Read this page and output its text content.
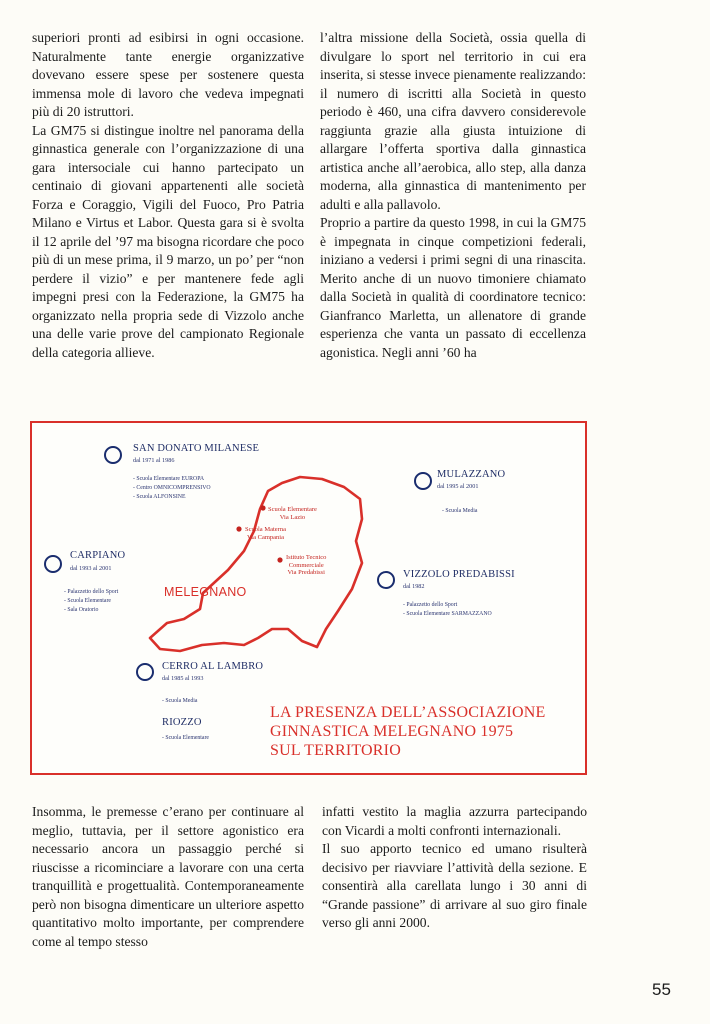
superiori pronti ad esibirsi in ogni occasione. Naturalmente tante energie organizzative dovevano essere spese per sostenere questa immensa mole di lavoro che vedeva impegnati più di 20 istruttori.

La GM75 si distingue inoltre nel panorama della ginnastica generale con l’organizzazione di una gara intersociale cui hanno partecipato un centinaio di giovani appartenenti alle società Forza e Coraggio, Vigili del Fuoco, Pro Patria Milano e Virtus et Labor. Questa gara si è svolta il 12 aprile del ’97 ma bisogna ricordare che poco più di un mese prima, il 9 marzo, un po’ per “non perdere il vizio” e per mantenere fede agli impegni presi con la Federazione, la GM75 ha organizzato nella propria sede di Vizzolo anche una delle varie prove del campionato Regionale della categoria allieve.

l’altra missione della Società, ossia quella di divulgare lo sport nel territorio in cui era inserita, si stesse invece pienamente realizzando: il numero di iscritti alla Società in questo periodo è 460, una cifra davvero considerevole raggiunta grazie alla giusta intuizione di allargare l’offerta sportiva dalla ginnastica artistica anche all’aerobica, allo step, alla danza moderna, alla ginnastica di mantenimento per adulti e alla pallavolo.

Proprio a partire da questo 1998, in cui la GM75 è impegnata in cinque competizioni federali, iniziano a vedersi i primi segni di una rinascita. Merito anche di un nuovo timoniere chiamato dalla Società in qualità di coordinatore tecnico: Gianfranco Marletta, un allenatore di grande esperienza che vanta un passato di eccellenza agonistica. Negli anni ’60 ha

MELEGNANO
Scuola Elementare
Via Lazio
Scuola Materna
Via Campania
Istituto Tecnico
Commerciale
Via Predabissi
SAN DONATO MILANESE
dal 1971 al 1986
- Scuola Elementare EUROPA
- Centro OMNICOMPRENSIVO
- Scuola ALFONSINE
MULAZZANO
dal 1995 al 2001
- Scuola Media
CARPIANO
dal 1993 al 2001
- Palazzetto dello Sport
- Scuola Elementare
- Sala Oratorio
VIZZOLO PREDABISSI
dal 1982
- Palazzetto dello Sport
- Scuola Elementare SARMAZZANO
CERRO AL LAMBRO
dal 1985 al 1993
- Scuola Media
RIOZZO
- Scuola Elementare
LA PRESENZA DELL’ASSOCIAZIONE
GINNASTICA MELEGNANO 1975
SUL TERRITORIO

Insomma, le premesse c’erano per continuare al meglio, tuttavia, per il settore agonistico era necessario ancora un passaggio perché si riuscisse a ricominciare a lavorare con una certa tranquillità e progettualità. Contemporaneamente però non bisogna dimenticare un ulteriore aspetto quantitativo molto importante, per comprendere come al tempo stesso

infatti vestito la maglia azzurra partecipando con Vicardi a molti confronti internazionali.

Il suo apporto tecnico ed umano risulterà decisivo per riavviare l’attività della sezione. E consentirà alla carellata lungo i 30 anni di “Grande passione” di arrivare al suo giro finale verso gli anni 2000.

55
